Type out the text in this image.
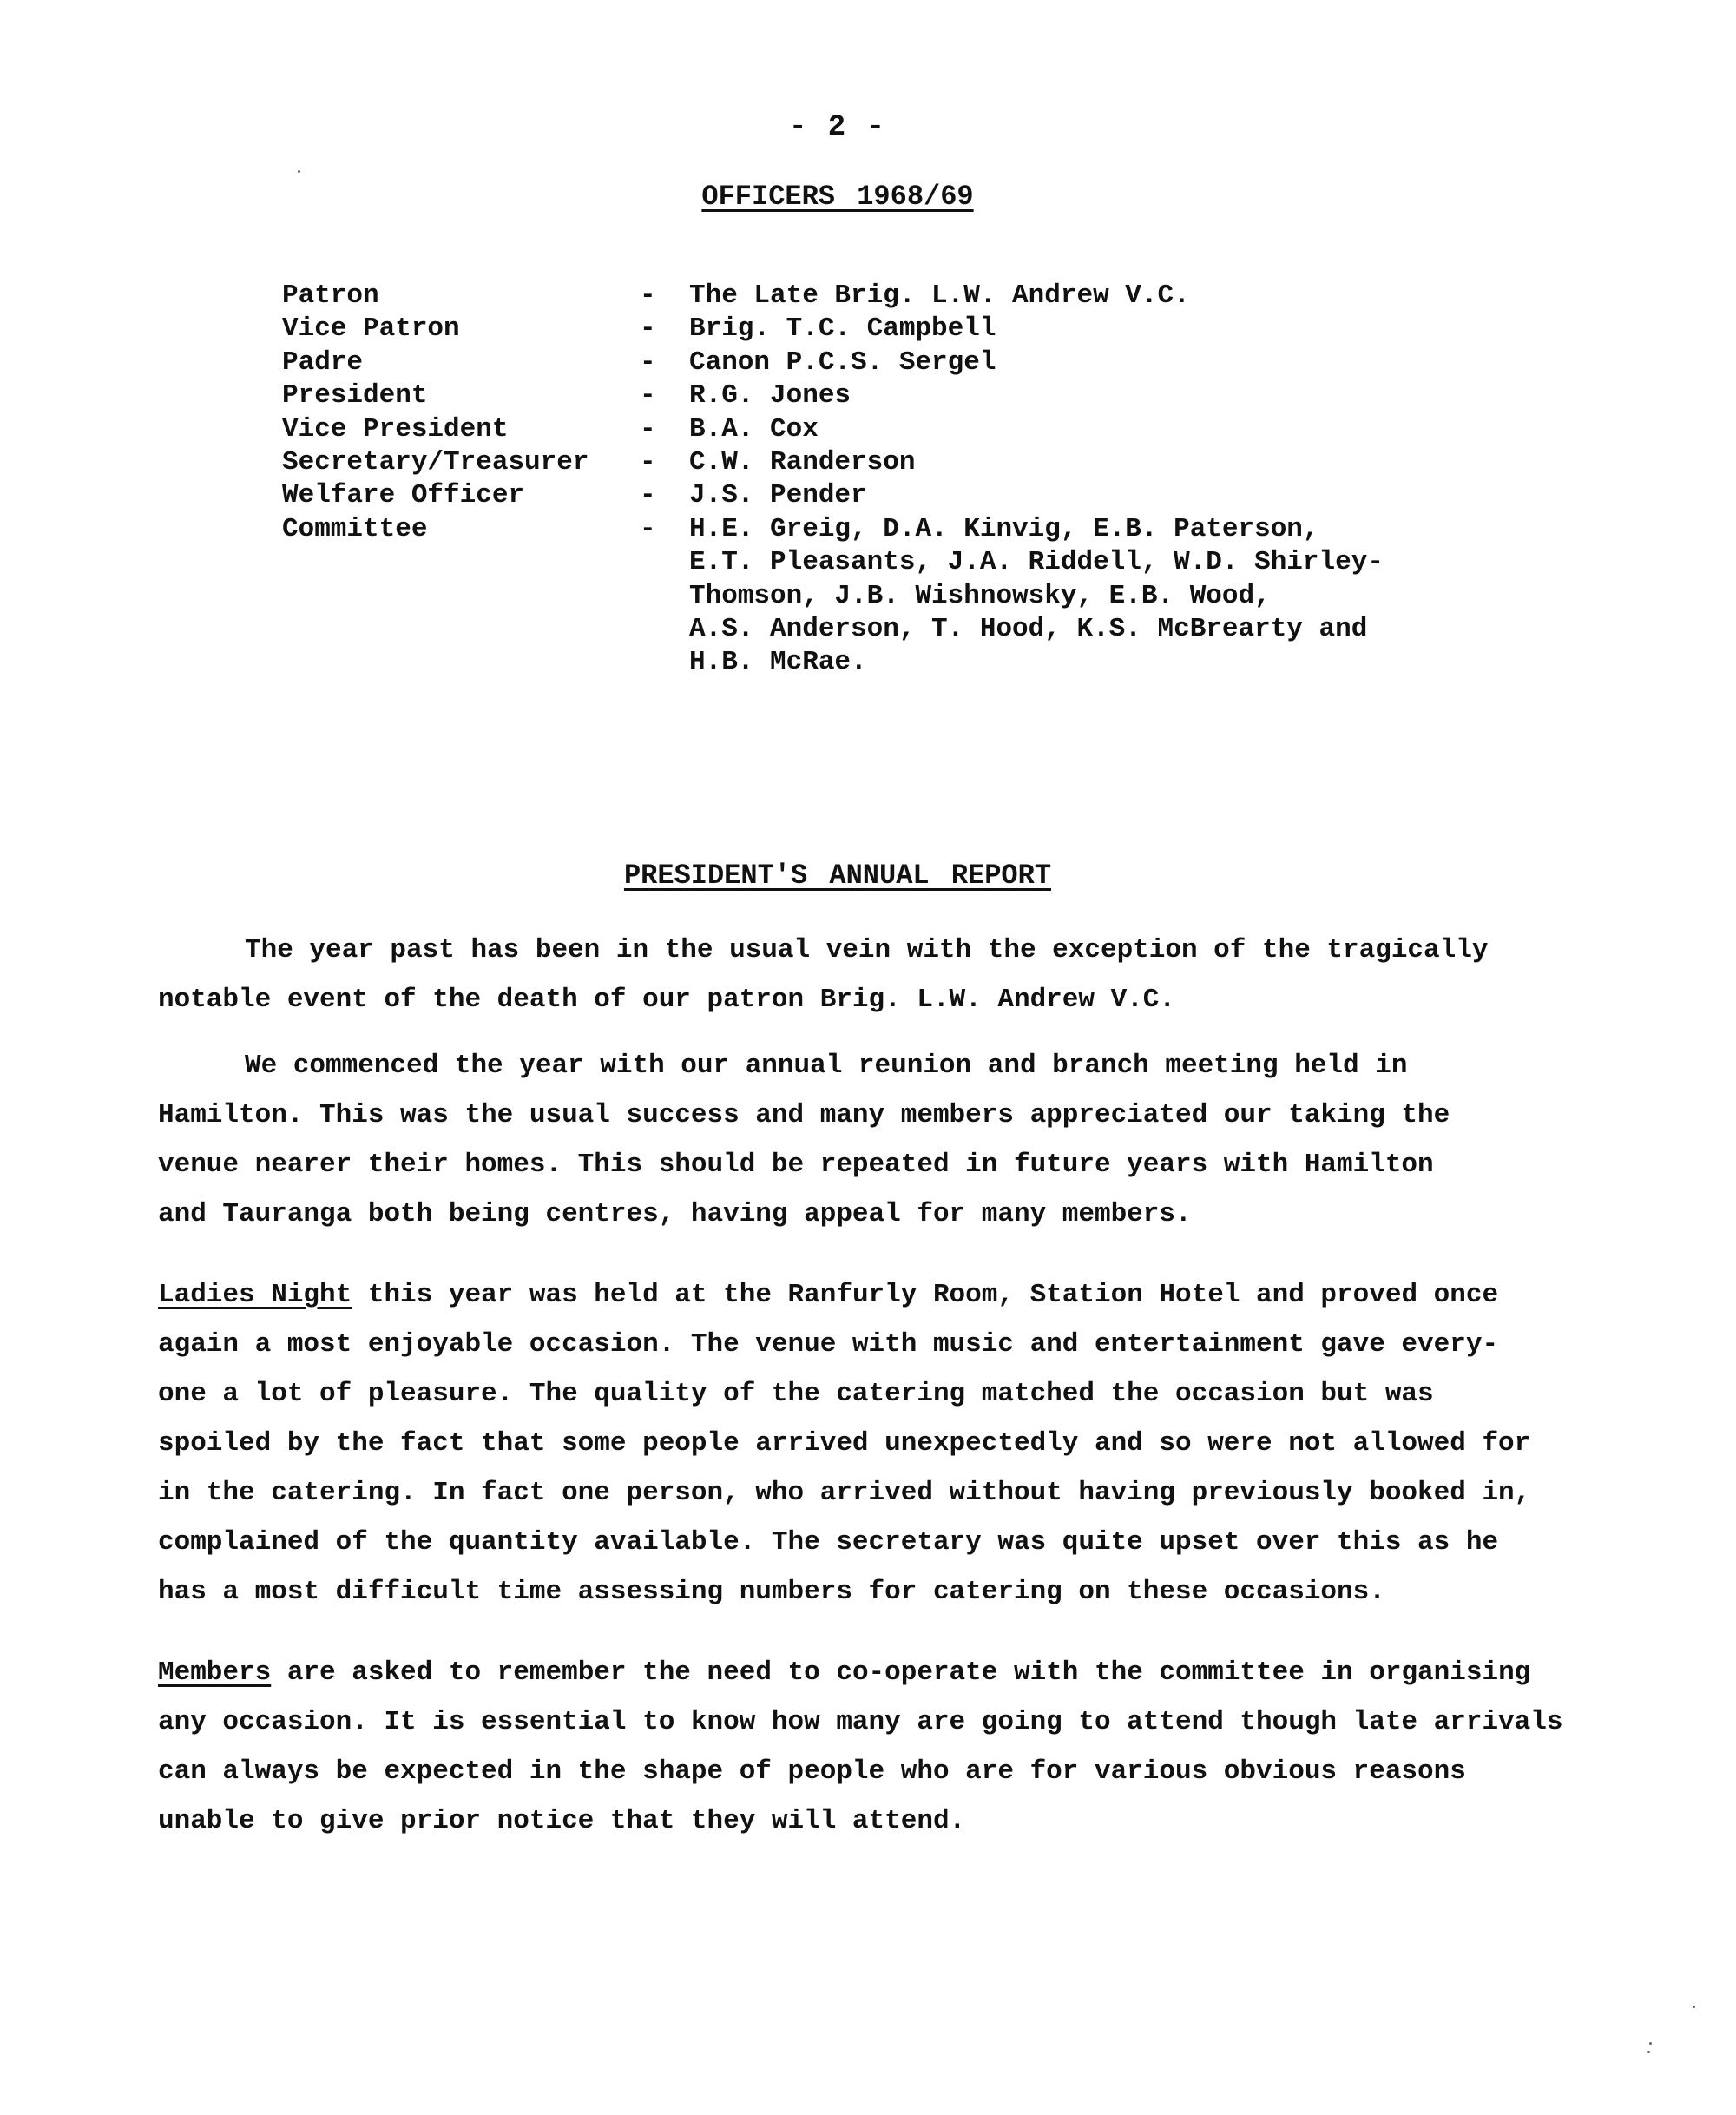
- 2 -
OFFICERS 1968/69
Patron	-	The Late Brig. L.W. Andrew V.C.
Vice Patron	-	Brig. T.C. Campbell
Padre	-	Canon P.C.S. Sergel
President	-	R.G. Jones
Vice President	-	B.A. Cox
Secretary/Treasurer	-	C.W. Randerson
Welfare Officer	-	J.S. Pender
Committee	-	H.E. Greig, D.A. Kinvig, E.B. Paterson,
E.T. Pleasants, J.A. Riddell, W.D. Shirley-
Thomson, J.B. Wishnowsky, E.B. Wood,
A.S. Anderson, T. Hood, K.S. McBrearty and
H.B. McRae.
PRESIDENT'S ANNUAL REPORT

The year past has been in the usual vein with the exception of the tragically
notable event of the death of our patron Brig. L.W. Andrew V.C.

We commenced the year with our annual reunion and branch meeting held in
Hamilton. This was the usual success and many members appreciated our taking the
venue nearer their homes. This should be repeated in future years with Hamilton
and Tauranga both being centres, having appeal for many members.

Ladies Night this year was held at the Ranfurly Room, Station Hotel and proved once
again a most enjoyable occasion. The venue with music and entertainment gave every-
one a lot of pleasure. The quality of the catering matched the occasion but was
spoiled by the fact that some people arrived unexpectedly and so were not allowed for
in the catering. In fact one person, who arrived without having previously booked in,
complained of the quantity available. The secretary was quite upset over this as he
has a most difficult time assessing numbers for catering on these occasions.

Members are asked to remember the need to co-operate with the committee in organising
any occasion. It is essential to know how many are going to attend though late arrivals
can always be expected in the shape of people who are for various obvious reasons
unable to give prior notice that they will attend.
